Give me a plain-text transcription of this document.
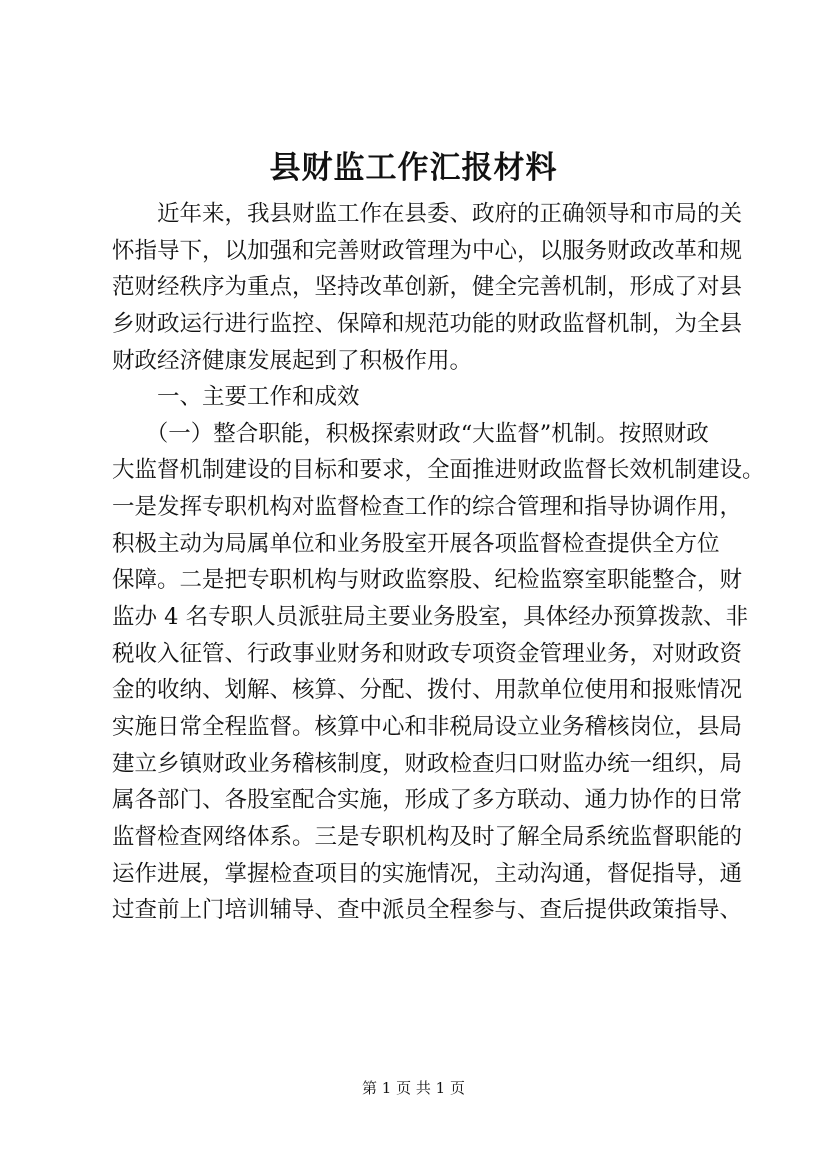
县财监工作汇报材料
　　近年来，我县财监工作在县委、政府的正确领导和市局的关
怀指导下，以加强和完善财政管理为中心，以服务财政改革和规
范财经秩序为重点，坚持改革创新，健全完善机制，形成了对县
乡财政运行进行监控、保障和规范功能的财政监督机制，为全县
财政经济健康发展起到了积极作用。
　　一、主要工作和成效
　　（一）整合职能，积极探索财政“大监督”机制。按照财政
大监督机制建设的目标和要求，全面推进财政监督长效机制建设。
一是发挥专职机构对监督检查工作的综合管理和指导协调作用，
积极主动为局属单位和业务股室开展各项监督检查提供全方位
保障。二是把专职机构与财政监察股、纪检监察室职能整合，财
监办 4 名专职人员派驻局主要业务股室，具体经办预算拨款、非
税收入征管、行政事业财务和财政专项资金管理业务，对财政资
金的收纳、划解、核算、分配、拨付、用款单位使用和报账情况
实施日常全程监督。核算中心和非税局设立业务稽核岗位，县局
建立乡镇财政业务稽核制度，财政检查归口财监办统一组织，局
属各部门、各股室配合实施，形成了多方联动、通力协作的日常
监督检查网络体系。三是专职机构及时了解全局系统监督职能的
运作进展，掌握检查项目的实施情况，主动沟通，督促指导，通
过查前上门培训辅导、查中派员全程参与、查后提供政策指导、
第 1 页 共 1 页
